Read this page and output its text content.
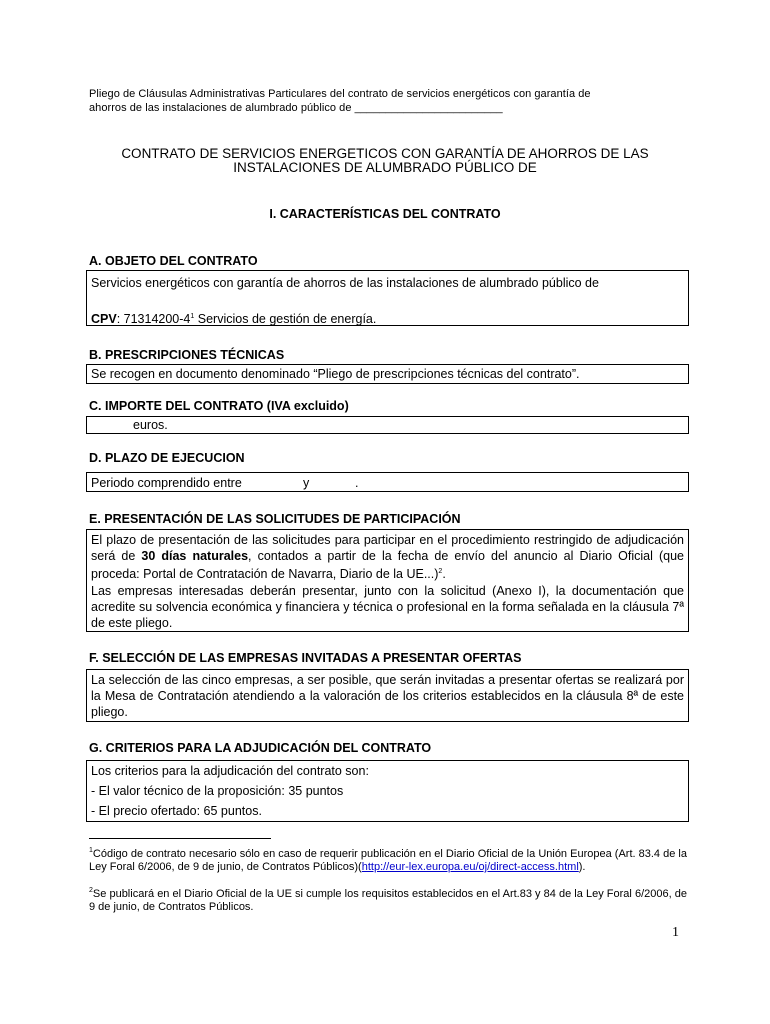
Pliego de Cláusulas Administrativas Particulares del contrato de servicios energéticos con garantía de
ahorros de las instalaciones de alumbrado público de ________________________
CONTRATO DE SERVICIOS ENERGETICOS CON GARANTÍA DE AHORROS DE LAS
INSTALACIONES DE ALUMBRADO PÚBLICO DE
I. CARACTERÍSTICAS DEL CONTRATO
A. OBJETO DEL CONTRATO
Servicios energéticos con garantía de ahorros de las instalaciones de alumbrado público de
CPV: $71314200-4^1$ Servicios de gestión de energía.
B. PRESCRIPCIONES TÉCNICAS
Se recogen en documento denominado “Pliego de prescripciones técnicas del contrato”.
C. IMPORTE DEL CONTRATO (IVA excluido)
euros.
D. PLAZO DE EJECUCION
Periodo comprendido entre	y	.
E. PRESENTACIÓN DE LAS SOLICITUDES DE PARTICIPACIÓN
El plazo de presentación de las solicitudes para participar en el procedimiento restringido de adjudicación será de 30 días naturales, contados a partir de la fecha de envío del anuncio al Diario Oficial (que proceda: Portal de Contratación de Navarra, Diario de la UE...)$^2$.
Las empresas interesadas deberán presentar, junto con la solicitud (Anexo I), la documentación que acredite su solvencia económica y financiera y técnica o profesional en la forma señalada en la cláusula 7ª de este pliego.
F. SELECCIÓN DE LAS EMPRESAS INVITADAS A PRESENTAR OFERTAS
La selección de las cinco empresas, a ser posible, que serán invitadas a presentar ofertas se realizará por la Mesa de Contratación atendiendo a la valoración de los criterios establecidos en la cláusula 8ª de este pliego.
G. CRITERIOS PARA LA ADJUDICACIÓN DEL CONTRATO
Los criterios para la adjudicación del contrato son:
- El valor técnico de la proposición: 35 puntos
- El precio ofertado: 65 puntos.
$^1$Código de contrato necesario sólo en caso de requerir publicación en el Diario Oficial de la Unión Europea (Art. 83.4 de la Ley Foral 6/2006, de 9 de junio, de Contratos Públicos)(http://eur-lex.europa.eu/oj/direct-access.html).
$^2$Se publicará en el Diario Oficial de la UE si cumple los requisitos establecidos en el Art.83 y 84 de la Ley Foral 6/2006, de 9 de junio, de Contratos Públicos.
1
